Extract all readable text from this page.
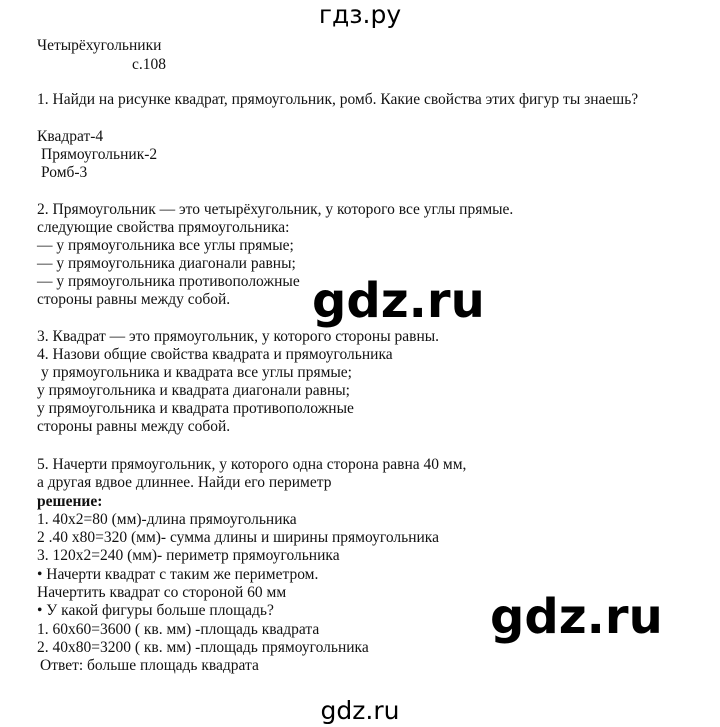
гдз.ру
Четырёхугольники
с.108
1. Найди на рисунке квадрат, прямоугольник, ромб. Какие свойства этих фигур ты знаешь?
Квадрат-4
Прямоугольник-2
Ромб-3
2. Прямоугольник — это четырёхугольник, у которого все углы прямые.
следующие свойства прямоугольника:
— у прямоугольника все углы прямые;
— у прямоугольника диагонали равны;
— у прямоугольника противоположные
стороны равны между собой.
3. Квадрат — это прямоугольник, у которого стороны равны.
4. Назови общие свойства квадрата и прямоугольника
у прямоугольника и квадрата все углы прямые;
у прямоугольника и квадрата диагонали равны;
у прямоугольника и квадрата противоположные
стороны равны между собой.
5. Начерти прямоугольник, у которого одна сторона равна 40 мм,
а другая вдвое длиннее. Найди его периметр
решение:
1. 40х2=80 (мм)-длина прямоугольника
2 .40 х80=320 (мм)- сумма длины и ширины прямоугольника
3. 120х2=240 (мм)- периметр прямоугольника
• Начерти квадрат с таким же периметром.
Начертить квадрат со стороной 60 мм
• У какой фигуры больше площадь?
1. 60х60=3600 ( кв. мм) -площадь квадрата
2. 40х80=3200 ( кв. мм) -площадь прямоугольника
Ответ: больше площадь квадрата
gdz.ru
gdz.ru
gdz.ru
